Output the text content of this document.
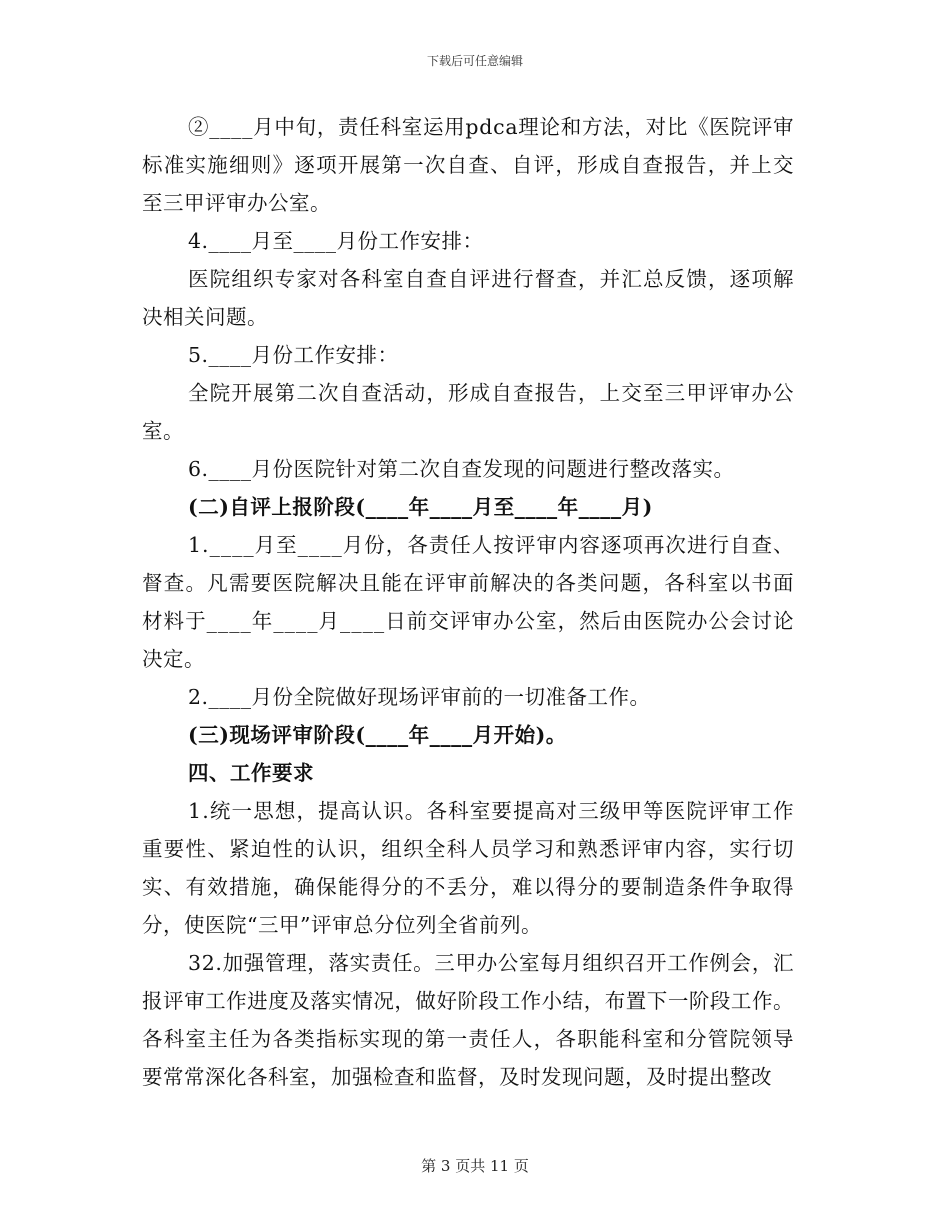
下载后可任意编辑
②____月中旬，责任科室运用pdca理论和方法，对比《医院评审
标准实施细则》逐项开展第一次自查、自评，形成自查报告，并上交
至三甲评审办公室。
4.____月至____月份工作安排：
医院组织专家对各科室自查自评进行督查，并汇总反馈，逐项解
决相关问题。
5.____月份工作安排：
全院开展第二次自查活动，形成自查报告，上交至三甲评审办公
室。
6.____月份医院针对第二次自查发现的问题进行整改落实。
(二)自评上报阶段(____年____月至____年____月)
1.____月至____月份，各责任人按评审内容逐项再次进行自查、
督查。凡需要医院解决且能在评审前解决的各类问题，各科室以书面
材料于____年____月____日前交评审办公室，然后由医院办公会讨论
决定。
2.____月份全院做好现场评审前的一切准备工作。
(三)现场评审阶段(____年____月开始)。
四、工作要求
1.统一思想，提高认识。各科室要提高对三级甲等医院评审工作
重要性、紧迫性的认识，组织全科人员学习和熟悉评审内容，实行切
实、有效措施，确保能得分的不丢分，难以得分的要制造条件争取得
分，使医院“三甲”评审总分位列全省前列。
32.加强管理，落实责任。三甲办公室每月组织召开工作例会，汇
报评审工作进度及落实情况，做好阶段工作小结，布置下一阶段工作。
各科室主任为各类指标实现的第一责任人，各职能科室和分管院领导
要常常深化各科室，加强检查和监督，及时发现问题，及时提出整改
第 3 页共 11 页
